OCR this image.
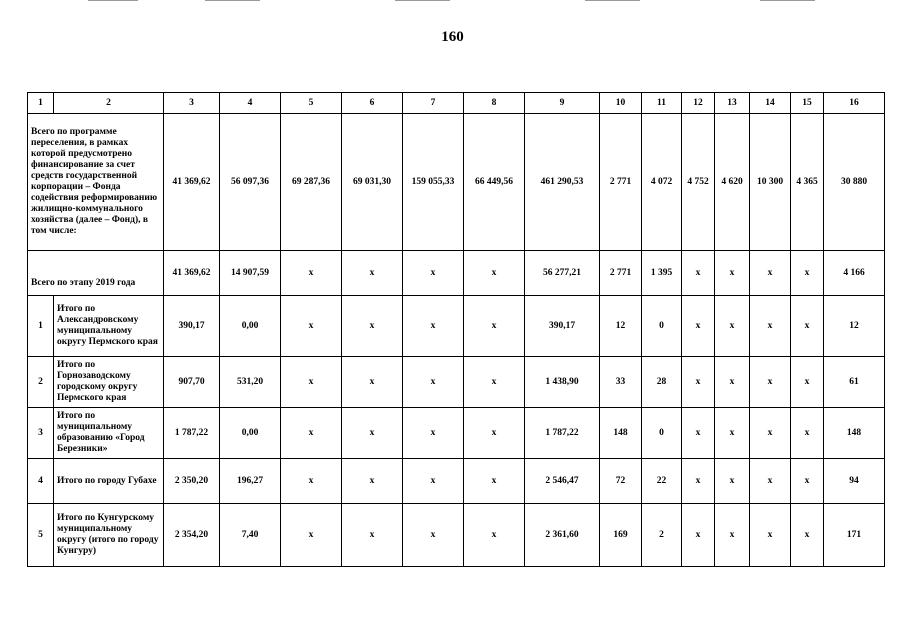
160
1	2	3	4	5	6	7	8	9	10	11	12	13	14	15	16
Всего по программе переселения, в рамках которой предусмотрено финансирование за счет средств государственной корпорации – Фонда содействия реформированию жилищно-коммунального хозяйства (далее – Фонд), в том числе:		41 369,62	56 097,36	69 287,36	69 031,30	159 055,33	66 449,56	461 290,53	2 771	4 072	4 752	4 620	10 300	4 365	30 880
Всего по этапу 2019 года		41 369,62	14 907,59	х	х	х	х	56 277,21	2 771	1 395	х	х	х	х	4 166
1	Итого по Александровскому муниципальному округу Пермского края	390,17	0,00	х	х	х	х	390,17	12	0	х	х	х	х	12
2	Итого по Горнозаводскому городскому округу Пермского края	907,70	531,20	х	х	х	х	1 438,90	33	28	х	х	х	х	61
3	Итого по муниципальному образованию «Город Березники»	1 787,22	0,00	х	х	х	х	1 787,22	148	0	х	х	х	х	148
4	Итого по городу Губахе	2 350,20	196,27	х	х	х	х	2 546,47	72	22	х	х	х	х	94
5	Итого по Кунгурскому муниципальному округу (итого по городу Кунгуру)	2 354,20	7,40	х	х	х	х	2 361,60	169	2	х	х	х	х	171
